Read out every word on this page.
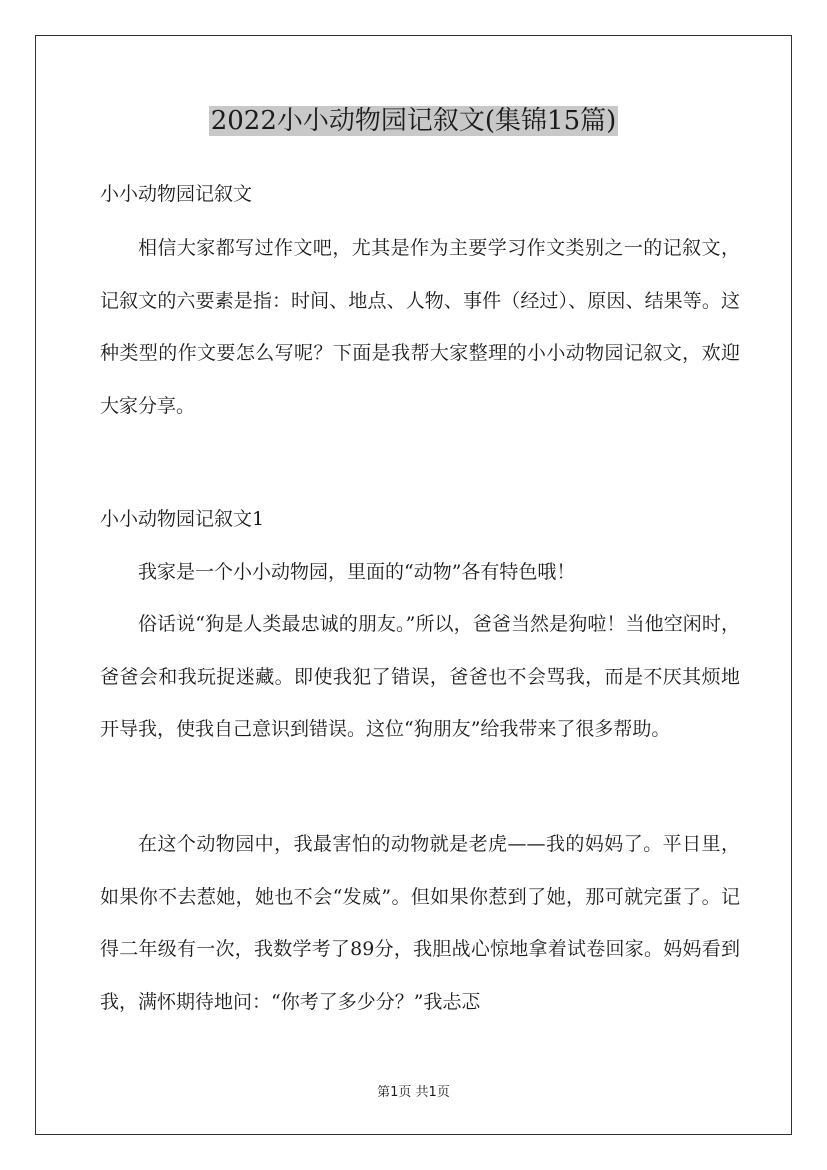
2022小小动物园记叙文(集锦15篇)
小小动物园记叙文

相信大家都写过作文吧，尤其是作为主要学习作文类别之一的记叙文，记叙文的六要素是指：时间、地点、人物、事件（经过）、原因、结果等。这种类型的作文要怎么写呢？下面是我帮大家整理的小小动物园记叙文，欢迎大家分享。

小小动物园记叙文1

我家是一个小小动物园，里面的“动物”各有特色哦！

俗话说“狗是人类最忠诚的朋友。”所以，爸爸当然是狗啦！当他空闲时，爸爸会和我玩捉迷藏。即使我犯了错误，爸爸也不会骂我，而是不厌其烦地开导我，使我自己意识到错误。这位“狗朋友”给我带来了很多帮助。

在这个动物园中，我最害怕的动物就是老虎——我的妈妈了。平日里，如果你不去惹她，她也不会“发威”。但如果你惹到了她，那可就完蛋了。记得二年级有一次，我数学考了89分，我胆战心惊地拿着试卷回家。妈妈看到我，满怀期待地问：“你考了多少分？”我忐忑

第1页 共1页
